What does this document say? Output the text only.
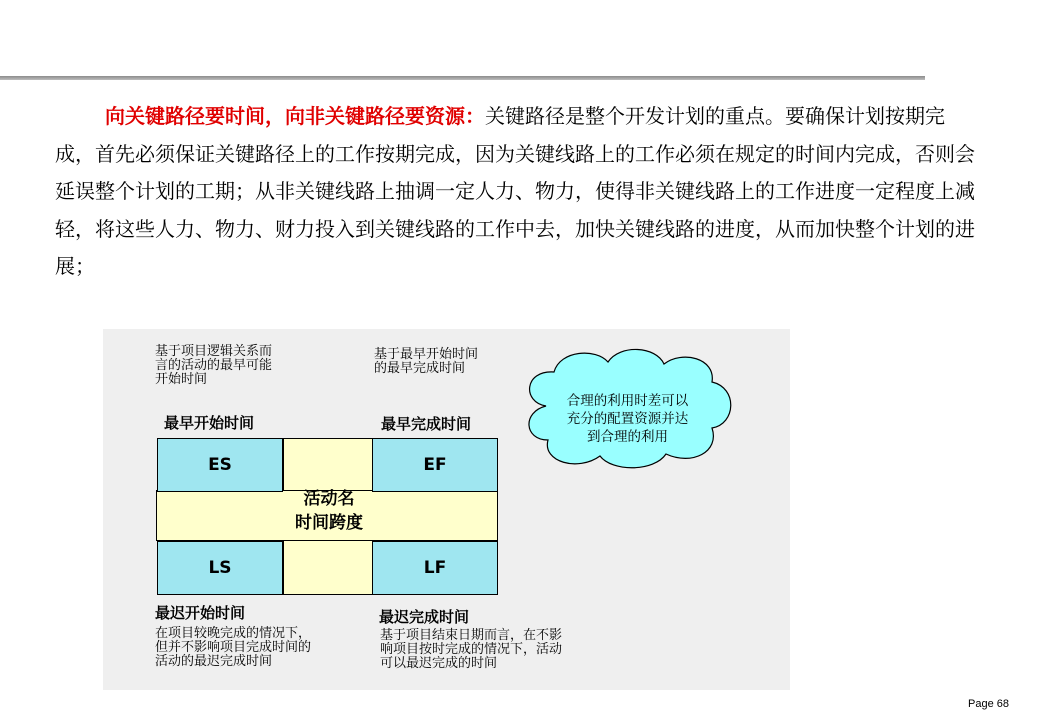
向关键路径要时间，向非关键路径要资源：关键路径是整个开发计划的重点。要确保计划按期完成，首先必须保证关键路径上的工作按期完成，因为关键线路上的工作必须在规定的时间内完成，否则会延误整个计划的工期；从非关键线路上抽调一定人力、物力，使得非关键线路上的工作进度一定程度上减轻，将这些人力、物力、财力投入到关键线路的工作中去，加快关键线路的进度，从而加快整个计划的进展；

基于项目逻辑关系而
言的活动的最早可能
开始时间
基于最早开始时间
的最早完成时间
在项目较晚完成的情况下，
但并不影响项目完成时间的
活动的最迟完成时间
基于项目结束日期而言，在不影
响项目按时完成的情况下，活动
可以最迟完成的时间
最早开始时间	最早完成时间
最迟开始时间	最迟完成时间
ES	EF
LS	LF
活动名
时间跨度
合理的利用时差可以
充分的配置资源并达
到合理的利用
Page 68
